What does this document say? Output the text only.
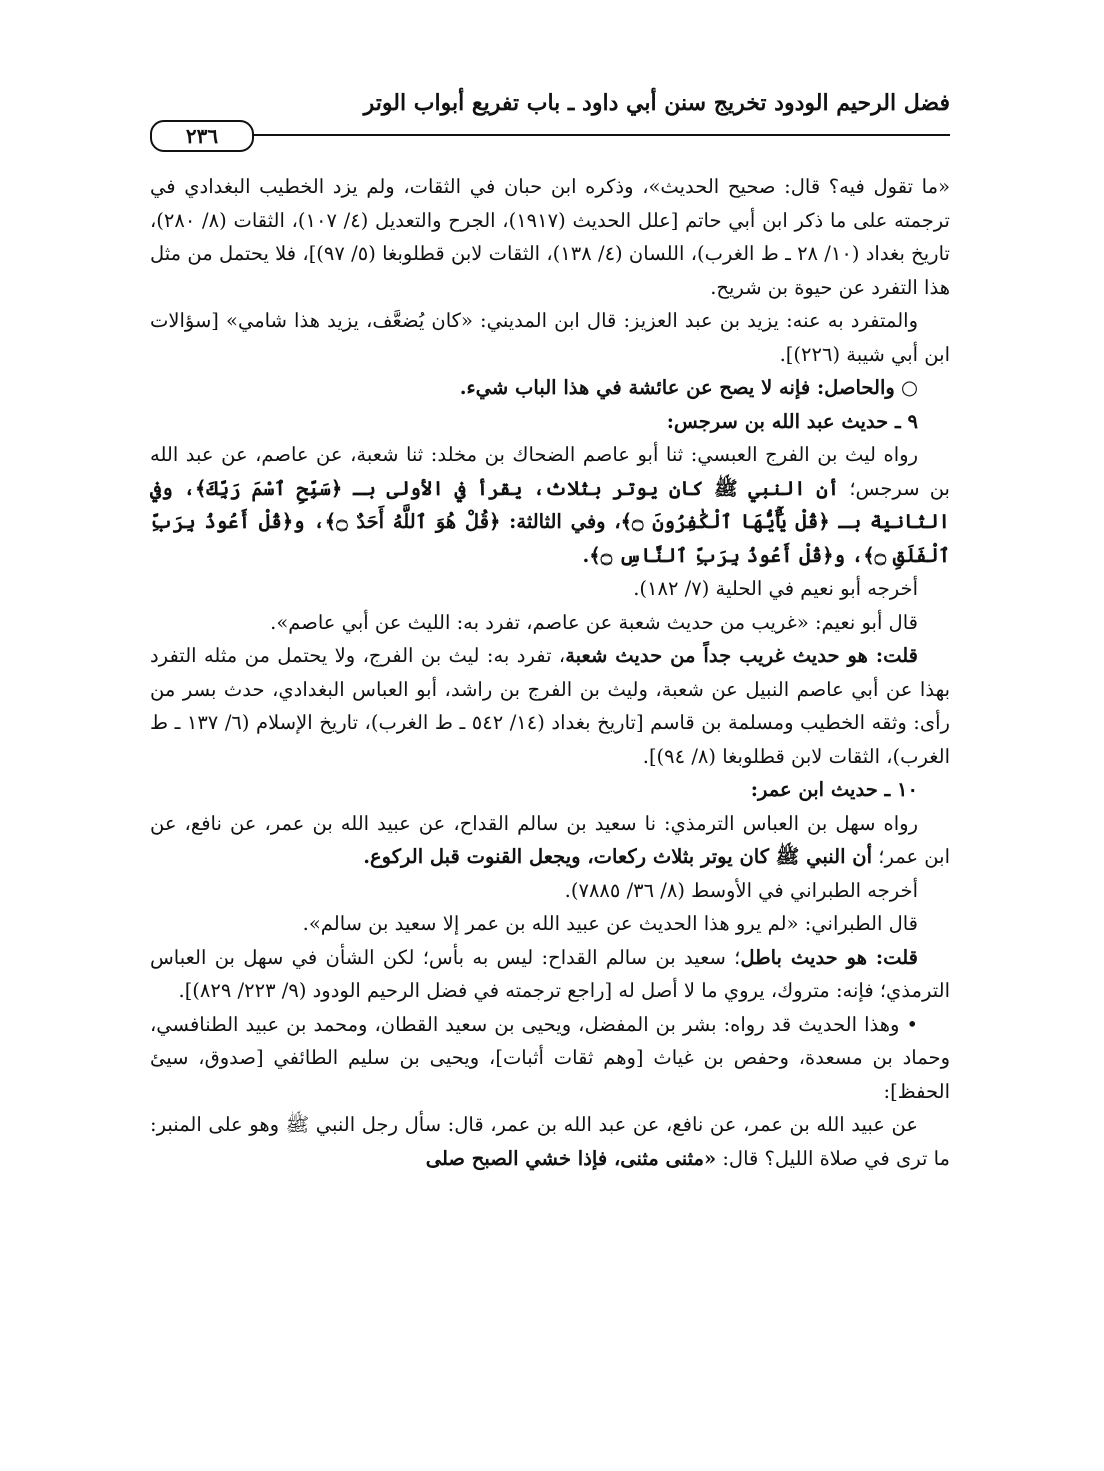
فضل الرحيم الودود تخريج سنن أبي داود ـ باب تفريع أبواب الوتر
٢٣٦

«ما تقول فيه؟ قال: صحيح الحديث»، وذكره ابن حبان في الثقات، ولم يزد الخطيب البغدادي في ترجمته على ما ذكر ابن أبي حاتم [علل الحديث (١٩١٧)، الجرح والتعديل (٤/ ١٠٧)، الثقات (٨/ ٢٨٠)، تاريخ بغداد (١٠/ ٢٨ ـ ط الغرب)، اللسان (٤/ ١٣٨)، الثقات لابن قطلوبغا (٥/ ٩٧)]، فلا يحتمل من مثل هذا التفرد عن حيوة بن شريح.

والمتفرد به عنه: يزيد بن عبد العزيز: قال ابن المديني: «كان يُضعَّف، يزيد هذا شامي» [سؤالات ابن أبي شيبة (٢٢٦)].

○ والحاصل: فإنه لا يصح عن عائشة في هذا الباب شيء.

٩ ـ حديث عبد الله بن سرجس:

رواه ليث بن الفرج العبسي: ثنا أبو عاصم الضحاك بن مخلد: ثنا شعبة، عن عاصم، عن عبد الله بن سرجس؛ أن النبي ﷺ كان يوتر بثلاث، يقرأ في الأولى بـ ﴿سَبِّحِ ٱسْمَ رَبِّكَ﴾، وفي الثانية بـ ﴿قُلْ يَٰٓأَيُّهَا ٱلْكَٰفِرُونَ ۝﴾، وفي الثالثة: ﴿قُلْ هُوَ ٱللَّهُ أَحَدٌ ۝﴾، و﴿قُلْ أَعُوذُ بِرَبِّ ٱلْفَلَقِ ۝﴾، و﴿قُلْ أَعُوذُ بِرَبِّ ٱلنَّاسِ ۝﴾.

أخرجه أبو نعيم في الحلية (٧/ ١٨٢).

قال أبو نعيم: «غريب من حديث شعبة عن عاصم، تفرد به: الليث عن أبي عاصم».

قلت: هو حديث غريب جداً من حديث شعبة، تفرد به: ليث بن الفرج، ولا يحتمل من مثله التفرد بهذا عن أبي عاصم النبيل عن شعبة، وليث بن الفرج بن راشد، أبو العباس البغدادي، حدث بسر من رأى: وثقه الخطيب ومسلمة بن قاسم [تاريخ بغداد (١٤/ ٥٤٢ ـ ط الغرب)، تاريخ الإسلام (٦/ ١٣٧ ـ ط الغرب)، الثقات لابن قطلوبغا (٨/ ٩٤)].

١٠ ـ حديث ابن عمر:

رواه سهل بن العباس الترمذي: نا سعيد بن سالم القداح، عن عبيد الله بن عمر، عن نافع، عن ابن عمر؛ أن النبي ﷺ كان يوتر بثلاث ركعات، ويجعل القنوت قبل الركوع.

أخرجه الطبراني في الأوسط (٨/ ٣٦/ ٧٨٨٥).

قال الطبراني: «لم يرو هذا الحديث عن عبيد الله بن عمر إلا سعيد بن سالم».

قلت: هو حديث باطل؛ سعيد بن سالم القداح: ليس به بأس؛ لكن الشأن في سهل بن العباس الترمذي؛ فإنه: متروك، يروي ما لا أصل له [راجع ترجمته في فضل الرحيم الودود (٩/ ٢٢٣/ ٨٢٩)].

• وهذا الحديث قد رواه: بشر بن المفضل، ويحيى بن سعيد القطان، ومحمد بن عبيد الطنافسي، وحماد بن مسعدة، وحفص بن غياث [وهم ثقات أثبات]، ويحيى بن سليم الطائفي [صدوق، سيئ الحفظ]:

عن عبيد الله بن عمر، عن نافع، عن عبد الله بن عمر، قال: سأل رجل النبي ﷺ وهو على المنبر: ما ترى في صلاة الليل؟ قال: «مثنى مثنى، فإذا خشي الصبح صلى
